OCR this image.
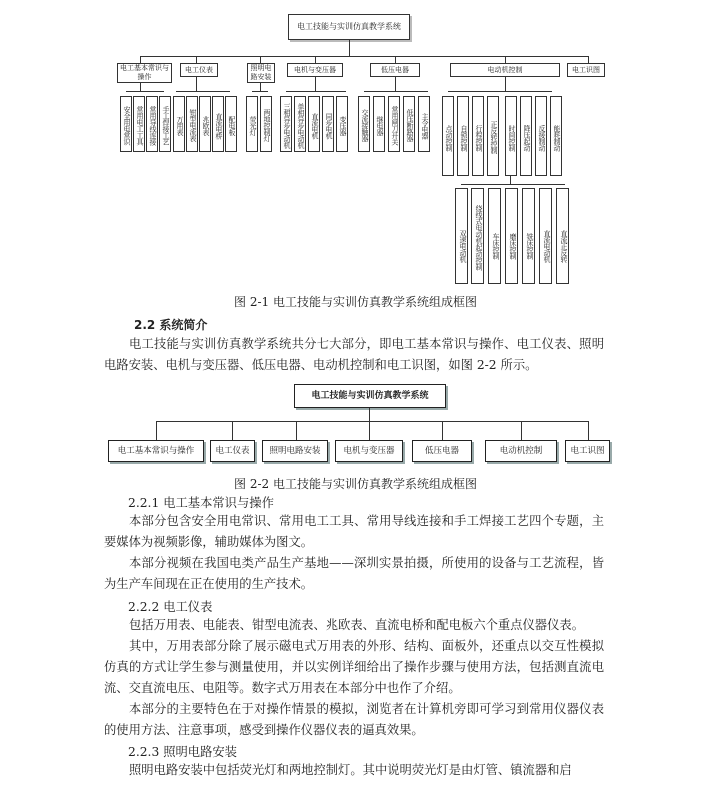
电工技能与实训仿真教学系统
电工基本常识与操作
电工仪表	照明电路安装
电机与变压器	低压电器	电动机控制	电工识图
安全用电常识 常用电工工具 常用导线连接 手工焊接工艺 万用表 钳型电流表 兆欧表 直流电桥 配电板	荧光灯 两地控制灯	三相异步电动机 单相异步电动机 直流电机 同步电机 变压器	交流接触器	继电器	常用闸刀开关	低压断路器	主令电器	点动控制	自锁控制	行程控制	正反转控制	时间控制	降压起动	反接制动	能耗制动
双速电动机	绕线式电动机起动控制	车床控制	磨床控制	铣床控制	直流电动机	直流正反转
图 2-1 电工技能与实训仿真教学系统组成框图
2.2 系统简介
电工技能与实训仿真教学系统共分七大部分，即电工基本常识与操作、电工仪表、照明电路安装、电机与变压器、低压电器、电动机控制和电工识图，如图 2-2 所示。
电工技能与实训仿真教学系统
电工基本常识与操作	电工仪表	照明电路安装	电机与变压器	低压电器	电动机控制	电工识图
图 2-2 电工技能与实训仿真教学系统组成框图
2.2.1 电工基本常识与操作
本部分包含安全用电常识、常用电工工具、常用导线连接和手工焊接工艺四个专题，主要媒体为视频影像，辅助媒体为图文。
本部分视频在我国电类产品生产基地——深圳实景拍摄，所使用的设备与工艺流程，皆为生产车间现在正在使用的生产技术。
2.2.2 电工仪表
包括万用表、电能表、钳型电流表、兆欧表、直流电桥和配电板六个重点仪器仪表。
其中，万用表部分除了展示磁电式万用表的外形、结构、面板外，还重点以交互性模拟仿真的方式让学生参与测量使用，并以实例详细给出了操作步骤与使用方法，包括测直流电流、交直流电压、电阻等。数字式万用表在本部分中也作了介绍。
本部分的主要特色在于对操作情景的模拟，浏览者在计算机旁即可学习到常用仪器仪表的使用方法、注意事项，感受到操作仪器仪表的逼真效果。
2.2.3 照明电路安装
照明电路安装中包括荧光灯和两地控制灯。其中说明荧光灯是由灯管、镇流器和启
